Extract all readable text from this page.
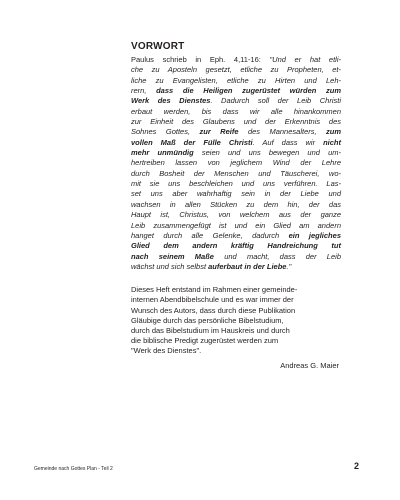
VORWORT
Paulus schrieb in Eph. 4,11-16: "Und er hat etli-
che zu Aposteln gesetzt, etliche zu Propheten, et-
liche zu Evangelisten, etliche zu Hirten und Leh-
rern, dass die Heiligen zugerüstet würden zum
Werk des Dienstes. Dadurch soll der Leib Christi
erbaut werden, bis dass wir alle hinankommen
zur Einheit des Glaubens und der Erkenntnis des
Sohnes Gottes, zur Reife des Mannesalters, zum
vollen Maß der Fülle Christi. Auf dass wir nicht
mehr unmündig seien und uns bewegen und um-
hertreiben lassen von jeglichem Wind der Lehre
durch Bosheit der Menschen und Täuscherei, wo-
mit sie uns beschleichen und uns verführen. Las-
set uns aber wahrhaftig sein in der Liebe und
wachsen in allen Stücken zu dem hin, der das
Haupt ist, Christus, von welchem aus der ganze
Leib zusammengefügt ist und ein Glied am andern
hanget durch alle Gelenke, dadurch ein jegliches
Glied dem andern kräftig Handreichung tut
nach seinem Maße und macht, dass der Leib
wächst und sich selbst auferbaut in der Liebe."
Dieses Heft entstand im Rahmen einer gemeinde-
internen Abendbibelschule und es war immer der
Wunsch des Autors, dass durch diese Publikation
Gläubige durch das persönliche Bibelstudium,
durch das Bibelstudium im Hauskreis und durch
die biblische Predigt zugerüstet werden zum
"Werk des Dienstes".
Andreas G. Maier
Gemeinde nach Gottes Plan - Teil 2	2
